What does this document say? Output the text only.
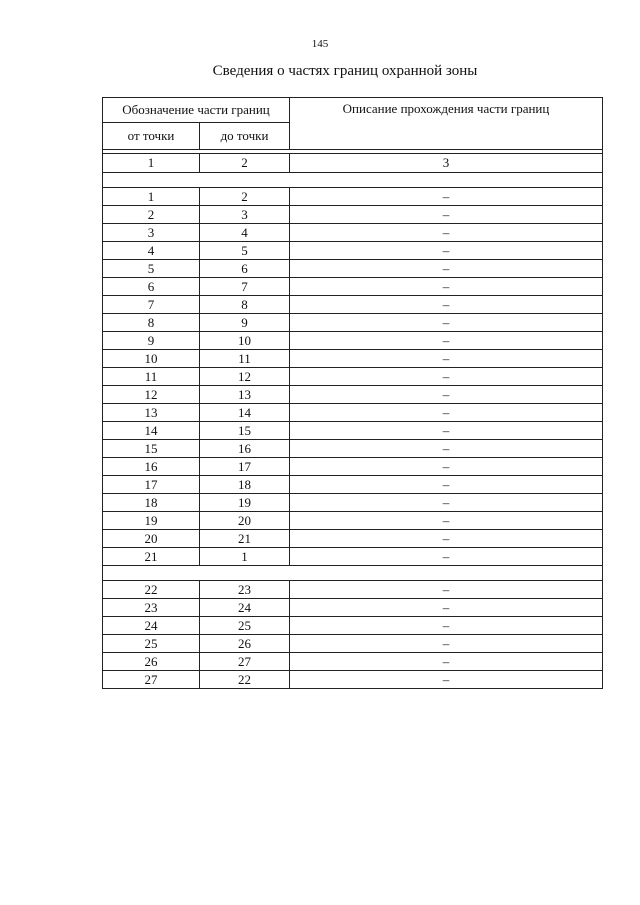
145
Сведения о частях границ охранной зоны
Обозначение части границ		Описание прохождения части границ
от точки	до точки	

1	2	3

1	2	–
2	3	–
3	4	–
4	5	–
5	6	–
6	7	–
7	8	–
8	9	–
9	10	–
10	11	–
11	12	–
12	13	–
13	14	–
14	15	–
15	16	–
16	17	–
17	18	–
18	19	–
19	20	–
20	21	–
21	1	–

22	23	–
23	24	–
24	25	–
25	26	–
26	27	–
27	22	–
